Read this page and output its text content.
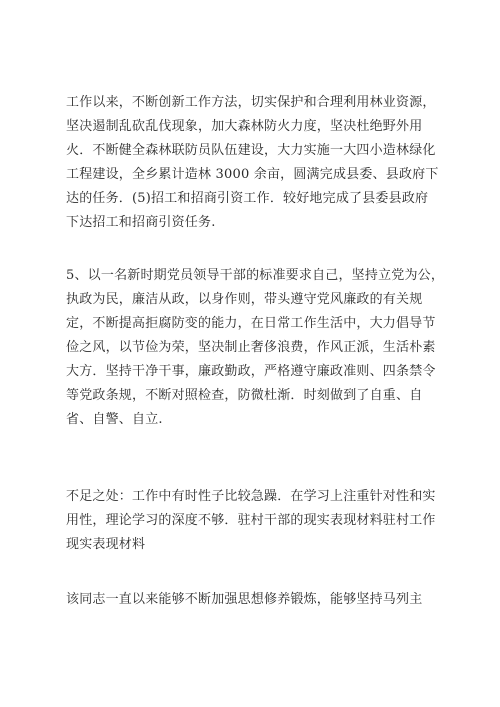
工作以来，不断创新工作方法，切实保护和合理利用林业资源，
坚决遏制乱砍乱伐现象，加大森林防火力度，坚决杜绝野外用
火．不断健全森林联防员队伍建设，大力实施一大四小造林绿化
工程建设，全乡累计造林 3000 余亩，圆满完成县委、县政府下
达的任务．(5)招工和招商引资工作．较好地完成了县委县政府
下达招工和招商引资任务.
5、以一名新时期党员领导干部的标准要求自己，坚持立党为公，
执政为民，廉洁从政，以身作则，带头遵守党风廉政的有关规
定，不断提高拒腐防变的能力，在日常工作生活中，大力倡导节
俭之风，以节俭为荣，坚决制止奢侈浪费，作风正派，生活朴素
大方．坚持干净干事，廉政勤政，严格遵守廉政准则、四条禁令
等党政条规，不断对照检查，防微杜渐．时刻做到了自重、自
省、自警、自立.
不足之处：工作中有时性子比较急躁．在学习上注重针对性和实
用性，理论学习的深度不够．驻村干部的现实表现材料驻村工作
现实表现材料
该同志一直以来能够不断加强思想修养锻炼，能够坚持马列主
